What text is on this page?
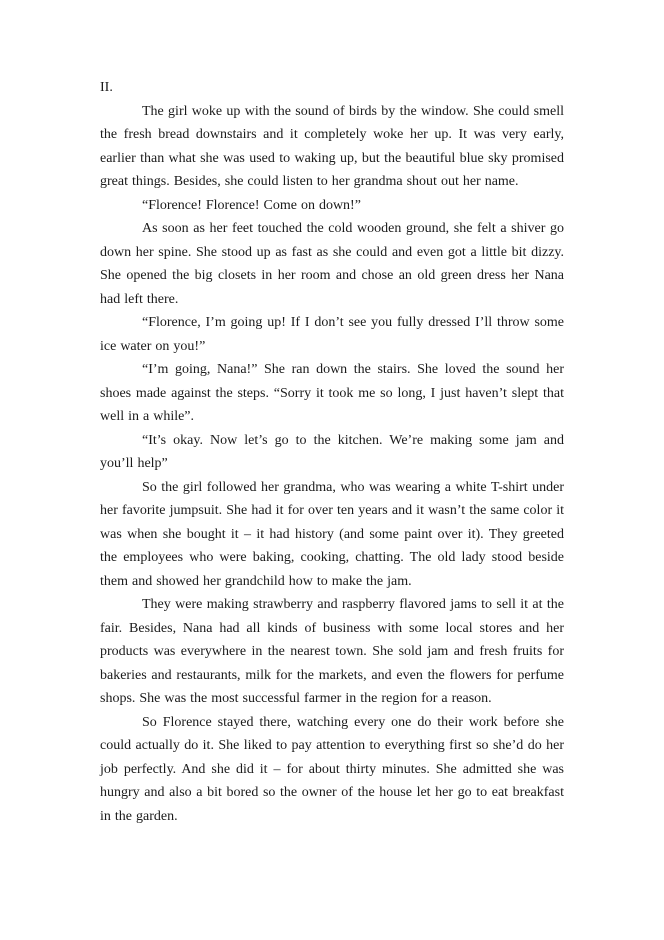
II.

The girl woke up with the sound of birds by the window. She could smell the fresh bread downstairs and it completely woke her up. It was very early, earlier than what she was used to waking up, but the beautiful blue sky promised great things. Besides, she could listen to her grandma shout out her name.

“Florence! Florence! Come on down!”

As soon as her feet touched the cold wooden ground, she felt a shiver go down her spine. She stood up as fast as she could and even got a little bit dizzy. She opened the big closets in her room and chose an old green dress her Nana had left there.

“Florence, I’m going up! If I don’t see you fully dressed I’ll throw some ice water on you!”

“I’m going, Nana!” She ran down the stairs. She loved the sound her shoes made against the steps. “Sorry it took me so long, I just haven’t slept that well in a while”.

“It’s okay. Now let’s go to the kitchen. We’re making some jam and you’ll help”

So the girl followed her grandma, who was wearing a white T-shirt under her favorite jumpsuit. She had it for over ten years and it wasn’t the same color it was when she bought it – it had history (and some paint over it). They greeted the employees who were baking, cooking, chatting. The old lady stood beside them and showed her grandchild how to make the jam.

They were making strawberry and raspberry flavored jams to sell it at the fair. Besides, Nana had all kinds of business with some local stores and her products was everywhere in the nearest town. She sold jam and fresh fruits for bakeries and restaurants, milk for the markets, and even the flowers for perfume shops. She was the most successful farmer in the region for a reason.

So Florence stayed there, watching every one do their work before she could actually do it. She liked to pay attention to everything first so she’d do her job perfectly. And she did it – for about thirty minutes. She admitted she was hungry and also a bit bored so the owner of the house let her go to eat breakfast in the garden.
